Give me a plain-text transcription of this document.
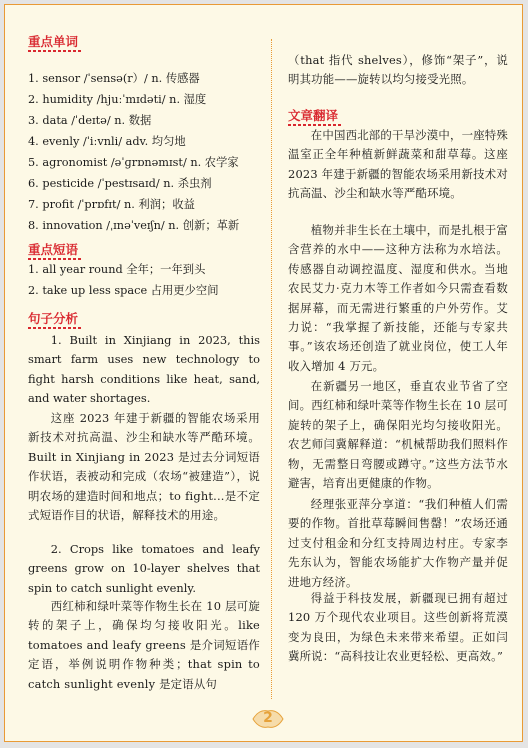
重点单词
1. sensor /ˈsensə(r）/ n. 传感器
2. humidity /hjuːˈmɪdəti/ n. 湿度
3. data /ˈdeɪtə/ n. 数据
4. evenly /ˈiːvnli/ adv. 均匀地
5. agronomist /əˈɡrɒnəmɪst/ n. 农学家
6. pesticide /ˈpestɪsaɪd/ n. 杀虫剂
7. profit /ˈprɒfɪt/ n. 利润；收益
8. innovation /ˌɪnəˈveɪʃn/ n. 创新；革新
重点短语
1. all year round 全年；一年到头
2. take up less space 占用更少空间
句子分析
1. Built in Xinjiang in 2023, this smart farm uses new technology to fight harsh conditions like heat, sand, and water shortages.
这座 2023 年建于新疆的智能农场采用新技术对抗高温、沙尘和缺水等严酷环境。Built in Xinjiang in 2023 是过去分词短语作状语，表被动和完成（农场“被建造”），说明农场的建造时间和地点；to fight...是不定式短语作目的状语，解释技术的用途。
2. Crops like tomatoes and leafy greens grow on 10-layer shelves that spin to catch sunlight evenly.
西红柿和绿叶菜等作物生长在 10 层可旋转的架子上，确保均匀接收阳光。like tomatoes and leafy greens 是介词短语作定语，举例说明作物种类；that spin to catch sunlight evenly 是定语从句
（that 指代 shelves），修饰“架子”，说明其功能——旋转以均匀接受光照。
文章翻译
在中国西北部的干旱沙漠中，一座特殊温室正全年种植新鲜蔬菜和甜草莓。这座 2023 年建于新疆的智能农场采用新技术对抗高温、沙尘和缺水等严酷环境。
植物并非生长在土壤中，而是扎根于富含营养的水中——这种方法称为水培法。传感器自动调控温度、湿度和供水。当地农民艾力·克力木等工作者如今只需查看数据屏幕，而无需进行繁重的户外劳作。艾力说：“我掌握了新技能，还能与专家共事。”该农场还创造了就业岗位，使工人年收入增加 4 万元。
在新疆另一地区，垂直农业节省了空间。西红柿和绿叶菜等作物生长在 10 层可旋转的架子上，确保阳光均匀接收阳光。农艺师闫冀解释道：“机械帮助我们照料作物，无需整日弯腰或蹲守。”这些方法节水避害，培育出更健康的作物。
经理张亚萍分享道：“我们种植人们需要的作物。首批草莓瞬间售罄！”农场还通过支付租金和分红支持周边村庄。专家李先东认为，智能农场能扩大作物产量并促进地方经济。
得益于科技发展，新疆现已拥有超过 120 万个现代农业项目。这些创新将荒漠变为良田，为绿色未来带来希望。正如闫冀所说：“高科技让农业更轻松、更高效。”
2
